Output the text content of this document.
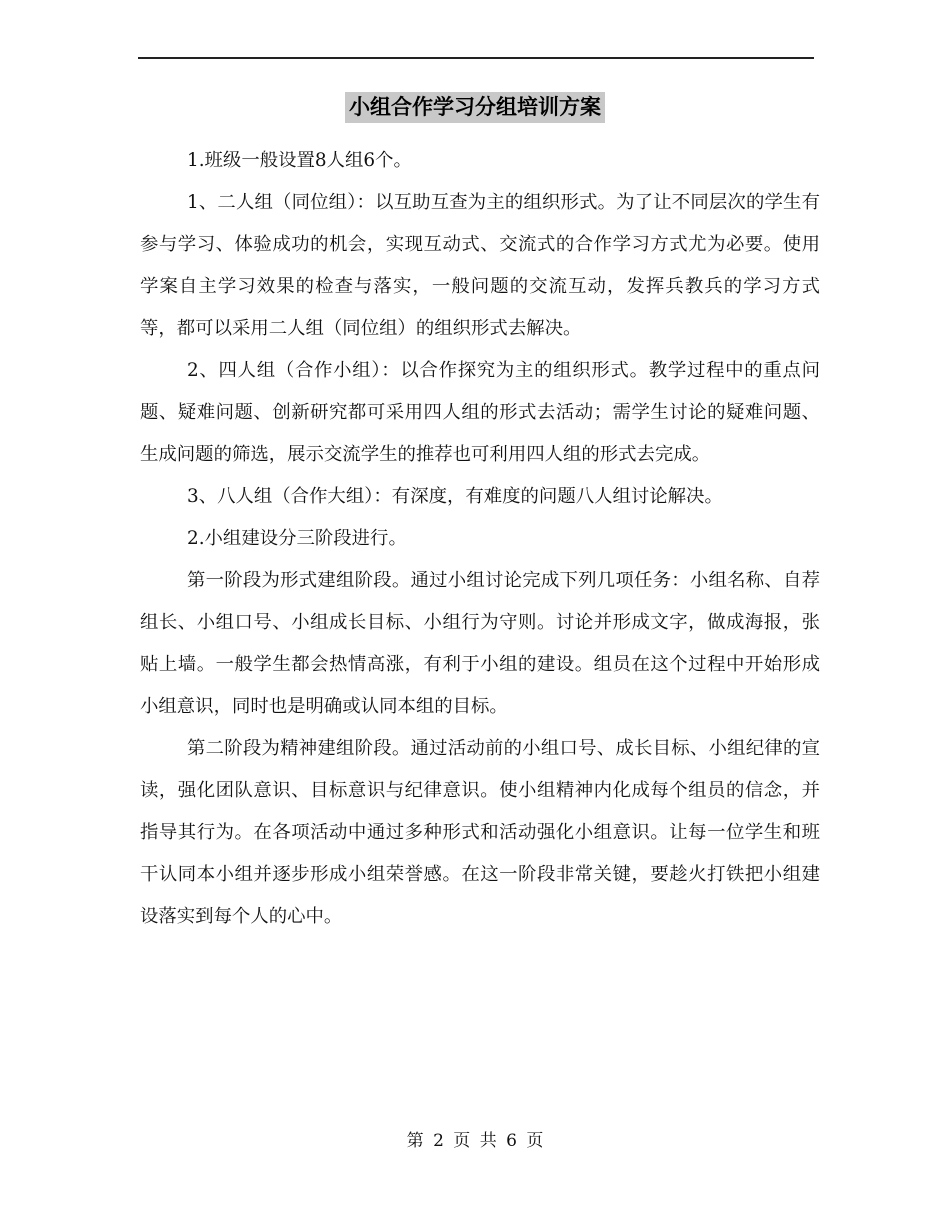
小组合作学习分组培训方案

1.班级一般设置8人组6个。

1、二人组（同位组）：以互助互查为主的组织形式。为了让不同层次的学生有参与学习、体验成功的机会，实现互动式、交流式的合作学习方式尤为必要。使用学案自主学习效果的检查与落实，一般问题的交流互动，发挥兵教兵的学习方式等，都可以采用二人组（同位组）的组织形式去解决。

2、四人组（合作小组）：以合作探究为主的组织形式。教学过程中的重点问题、疑难问题、创新研究都可采用四人组的形式去活动；需学生讨论的疑难问题、生成问题的筛选，展示交流学生的推荐也可利用四人组的形式去完成。

3、八人组（合作大组）：有深度，有难度的问题八人组讨论解决。

2.小组建设分三阶段进行。

第一阶段为形式建组阶段。通过小组讨论完成下列几项任务：小组名称、自荐组长、小组口号、小组成长目标、小组行为守则。讨论并形成文字，做成海报，张贴上墙。一般学生都会热情高涨，有利于小组的建设。组员在这个过程中开始形成小组意识，同时也是明确或认同本组的目标。

第二阶段为精神建组阶段。通过活动前的小组口号、成长目标、小组纪律的宣读，强化团队意识、目标意识与纪律意识。使小组精神内化成每个组员的信念，并指导其行为。在各项活动中通过多种形式和活动强化小组意识。让每一位学生和班干认同本小组并逐步形成小组荣誉感。在这一阶段非常关键，要趁火打铁把小组建设落实到每个人的心中。

第 2 页 共 6 页
